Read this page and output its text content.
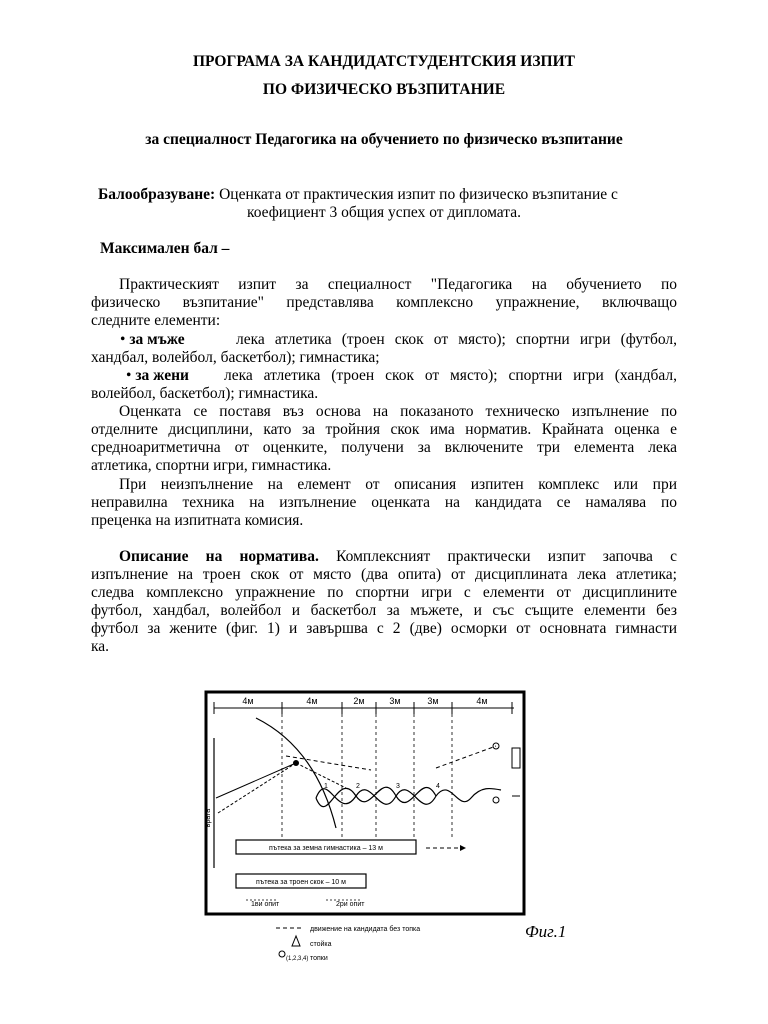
ПРОГРАМА ЗА КАНДИДАТСТУДЕНТСКИЯ ИЗПИТ
ПО ФИЗИЧЕСКО ВЪЗПИТАНИЕ
за специалност Педагогика на обучението по физическо възпитание
Балообразуване: Оценката от практическия изпит по физическо възпитание с
коефициент 3 общия успех от дипломата.
Максимален бал –
Практическият изпит за специалност "Педагогика на обучението по
физическо възпитание" представлява комплексно упражнение, включващо
следните елементи:
• за мъже	лека атлетика (троен скок от място); спортни игри (футбол,
хандбал, волейбол, баскетбол); гимнастика;
• за жени	лека атлетика (троен скок от място); спортни игри (хандбал,
волейбол, баскетбол); гимнастика.
Оценката се поставя въз основа на показаното техническо изпълнение по
отделните дисциплини, като за тройния скок има норматив. Крайната оценка е
средноаритметична от оценките, получени за включените три елемента лека
атлетика, спортни игри, гимнастика.
При неизпълнение на елемент от описания изпитен комплекс или при
неправилна техника на изпълнение оценката на кандидата се намалява по
преценка на изпитната комисия.
Описание на норматива. Комплексният практически изпит започва с
изпълнение на троен скок от място (два опита) от дисциплината лека атлетика;
следва комплексно упражнение по спортни игри с елементи от дисциплините
футбол, хандбал, волейбол и баскетбол за мъжете, и със същите елементи без
футбол за жените (фиг. 1) и завършва с 2 (две) осморки от основната гимнасти
ка.
4м	4м	2м	3м	3м	4м
врата
1	2	3	4
пътека за земна гимнастика – 13 м
пътека за троен скок – 10 м
1ви опит	2ри опит
движение на кандидата без топка
стойка
(1,2,3,4) топки
Фиг.1
